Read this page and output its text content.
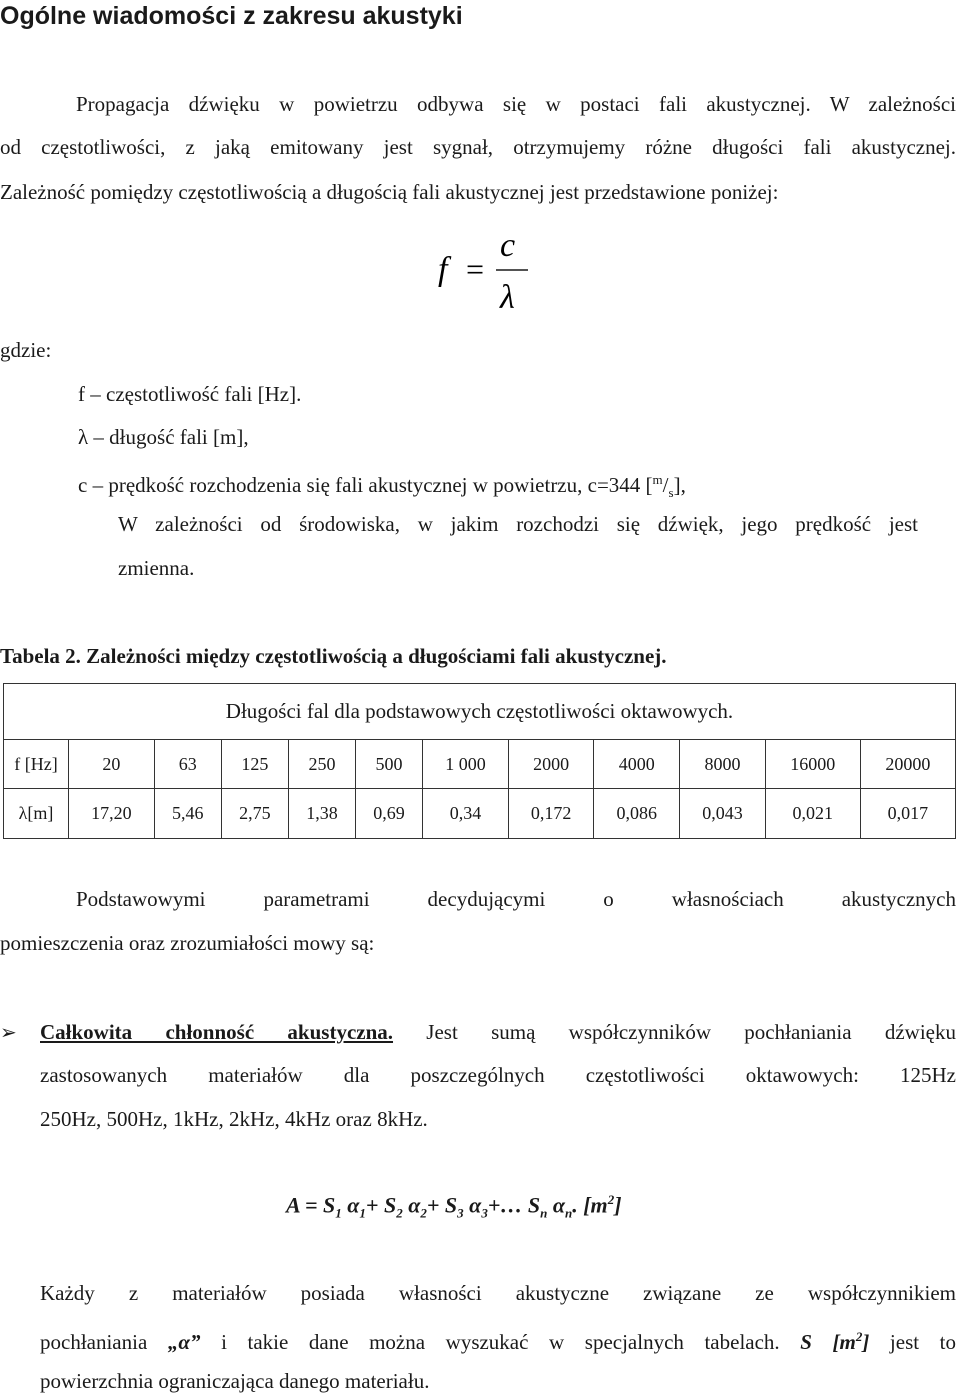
Ogólne wiadomości z zakresu akustyki
Propagacja dźwięku w powietrzu odbywa się w postaci fali akustycznej. W zależności
od częstotliwości, z jaką emitowany jest sygnał, otrzymujemy różne długości fali akustycznej.
Zależność pomiędzy częstotliwością a długością fali akustycznej jest przedstawione poniżej:
f =
c
λ
gdzie:
f – częstotliwość fali [Hz].
λ – długość fali [m],
c – prędkość rozchodzenia się fali akustycznej w powietrzu, c=344 $[^m/_s]$,
W zależności od środowiska, w jakim rozchodzi się dźwięk, jego prędkość jest
zmienna.
Tabela 2. Zależności między częstotliwością a długościami fali akustycznej.
Długości fal dla podstawowych częstotliwości oktawowych.											
f [Hz]	20	63	125	250	500	1 000	2000	4000	8000	16000	20000
λ[m]	17,20	5,46	2,75	1,38	0,69	0,34	0,172	0,086	0,043	0,021	0,017
Podstawowymi parametrami decydującymi o własnościach akustycznych
pomieszczenia oraz zrozumiałości mowy są:
➢ Całkowita chłonność akustyczna. Jest sumą współczynników pochłaniania dźwięku
zastosowanych materiałów dla poszczególnych częstotliwości oktawowych: 125Hz
250Hz, 500Hz, 1kHz, 2kHz, 4kHz oraz 8kHz.
$A = S_1$ $\alpha_1+ S_2$ $\alpha_2+ S_3$ $\alpha_3+\dots$ $S_n$ $\alpha_n$. $[m^2]$
Każdy z materiałów posiada własności akustyczne związane ze współczynnikiem
pochłaniania „α” i takie dane można wyszukać w specjalnych tabelach. S $[m^2]$ jest to
powierzchnia ograniczająca danego materiału.
